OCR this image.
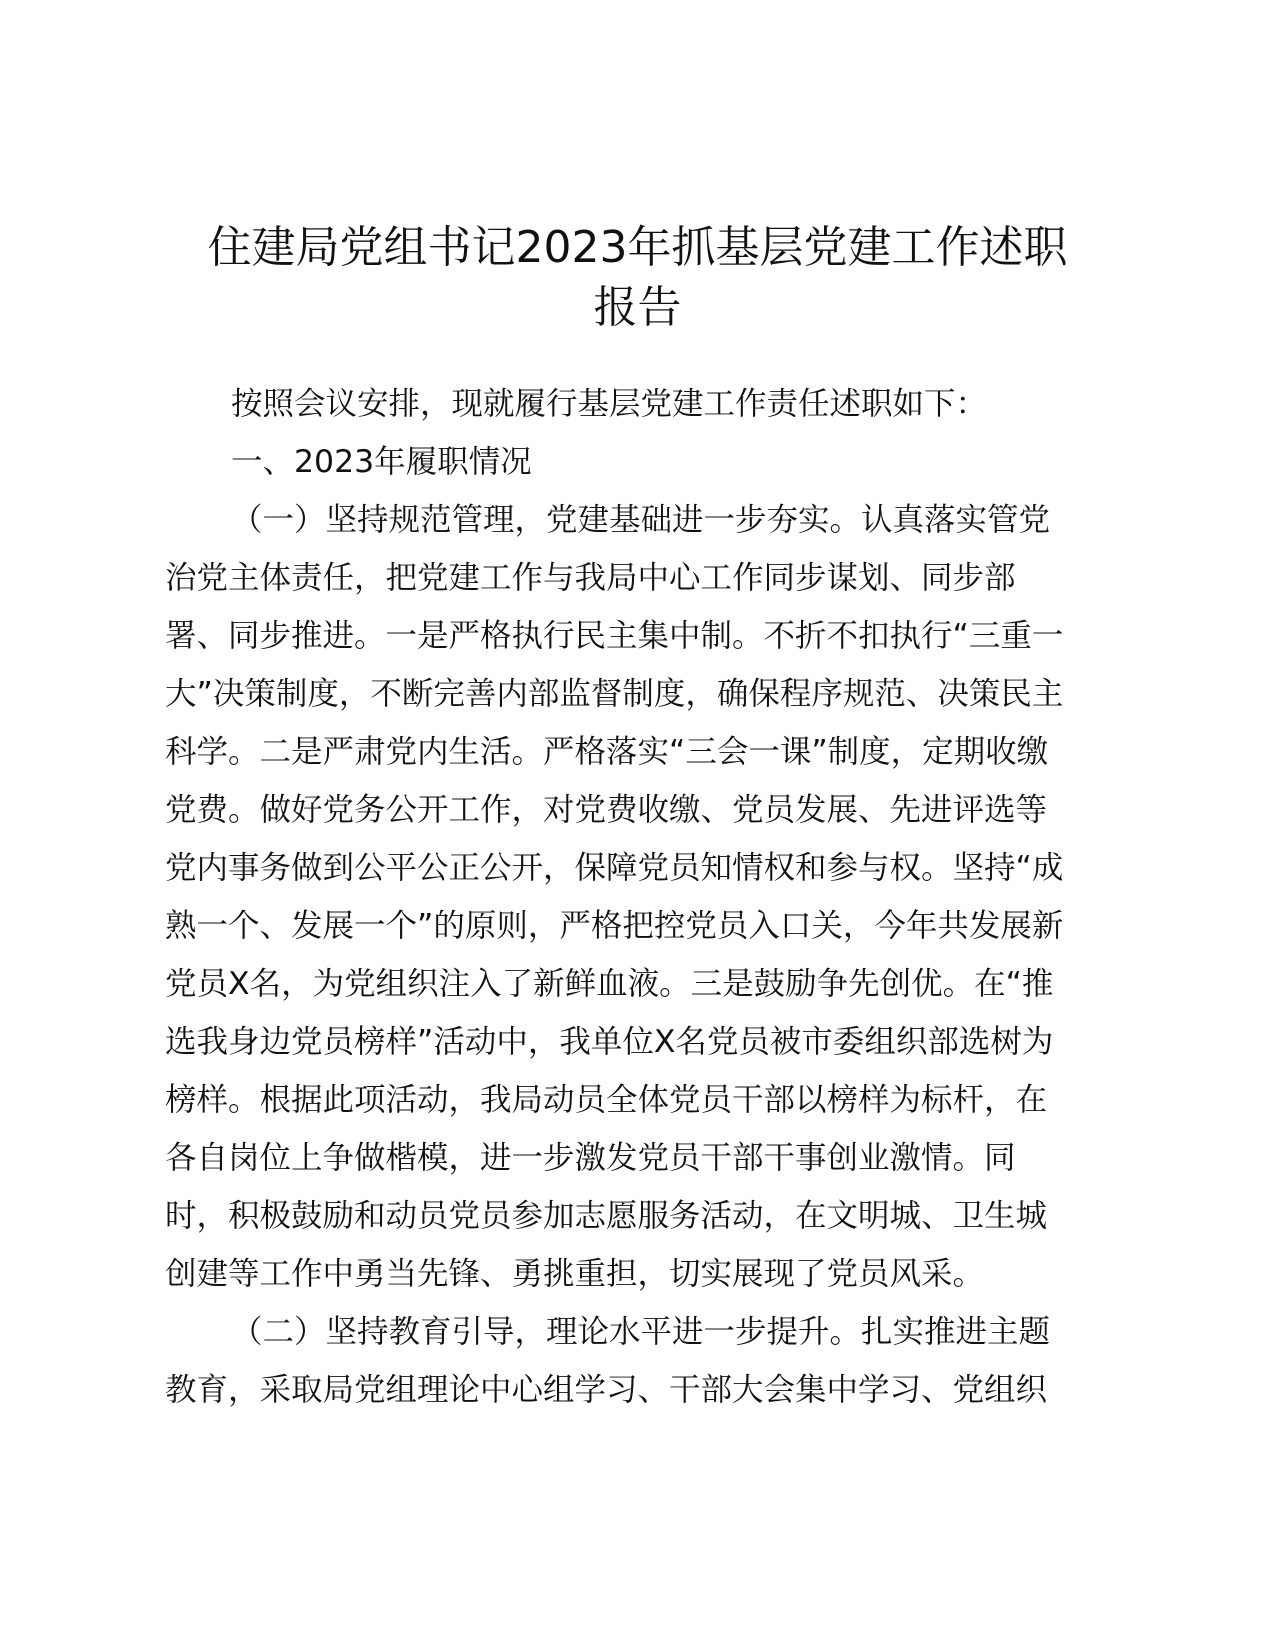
住建局党组书记2023年抓基层党建工作述职
报告
按照会议安排，现就履行基层党建工作责任述职如下：
一、2023年履职情况
（一）坚持规范管理，党建基础进一步夯实。认真落实管党
治党主体责任，把党建工作与我局中心工作同步谋划、同步部
署、同步推进。一是严格执行民主集中制。不折不扣执行“三重一
大”决策制度，不断完善内部监督制度，确保程序规范、决策民主
科学。二是严肃党内生活。严格落实“三会一课”制度，定期收缴
党费。做好党务公开工作，对党费收缴、党员发展、先进评选等
党内事务做到公平公正公开，保障党员知情权和参与权。坚持“成
熟一个、发展一个”的原则，严格把控党员入口关，今年共发展新
党员X名，为党组织注入了新鲜血液。三是鼓励争先创优。在“推
选我身边党员榜样”活动中，我单位X名党员被市委组织部选树为
榜样。根据此项活动，我局动员全体党员干部以榜样为标杆，在
各自岗位上争做楷模，进一步激发党员干部干事创业激情。同
时，积极鼓励和动员党员参加志愿服务活动，在文明城、卫生城
创建等工作中勇当先锋、勇挑重担，切实展现了党员风采。
（二）坚持教育引导，理论水平进一步提升。扎实推进主题
教育，采取局党组理论中心组学习、干部大会集中学习、党组织
